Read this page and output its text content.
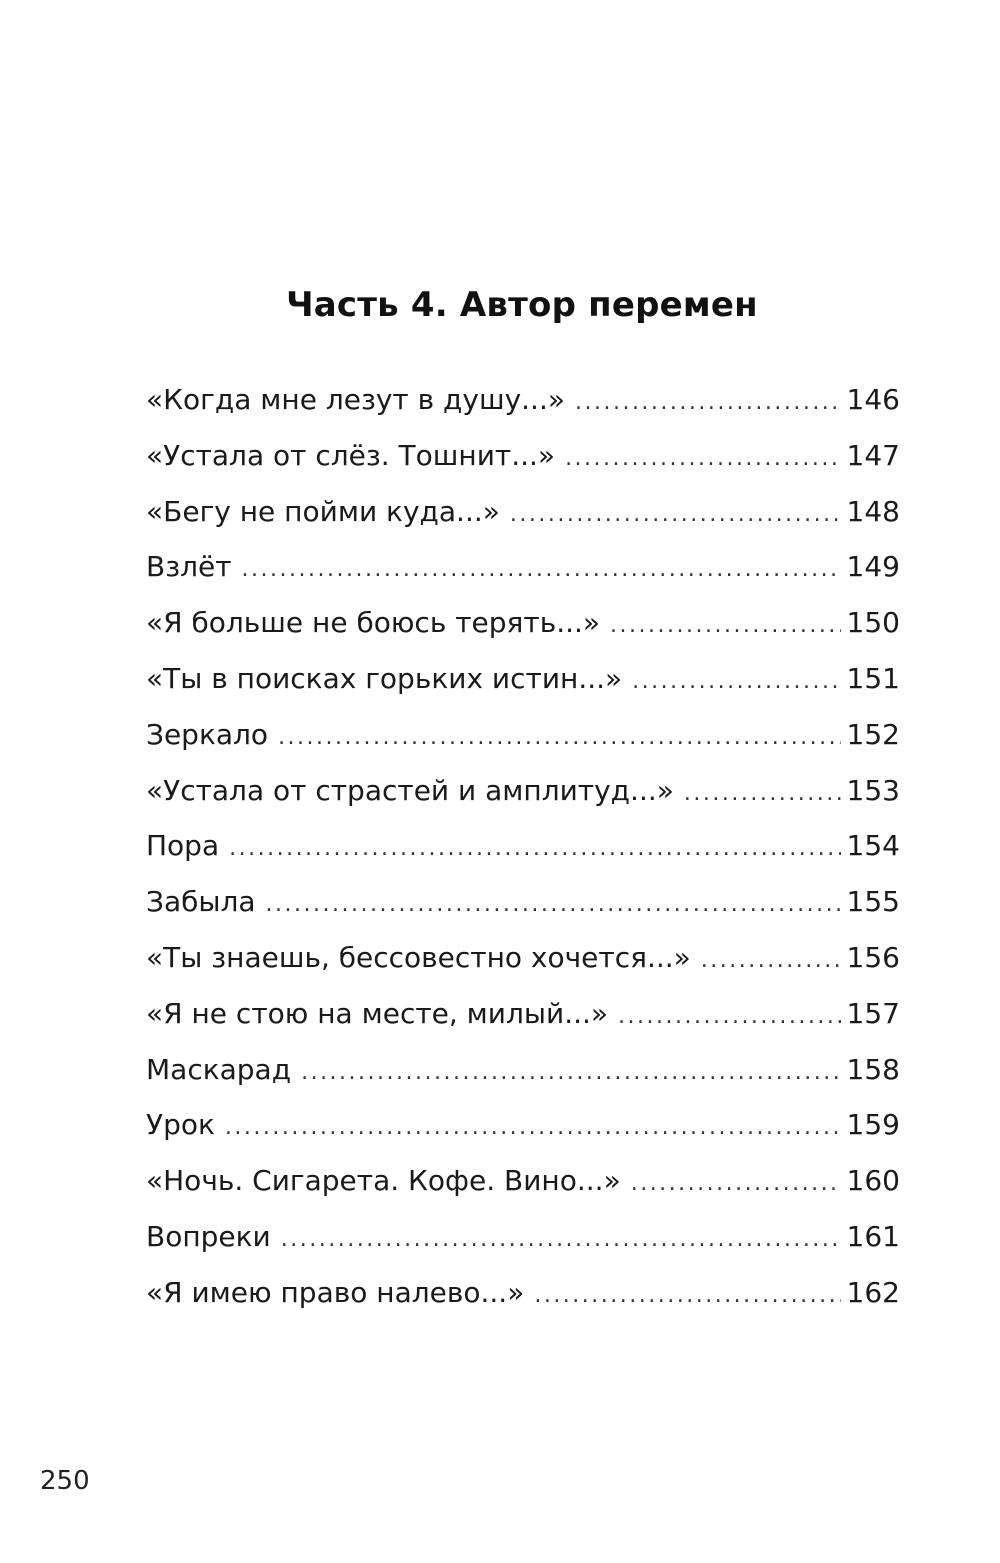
Часть 4. Автор перемен
«Когда мне лезут в душу...» .....	146
«Устала от слёз. Тошнит...» .....	147
«Бегу не пойми куда...» .....	148
Взлёт .....	149
«Я больше не боюсь терять...» .....	150
«Ты в поисках горьких истин...» .....	151
Зеркало .....	152
«Устала от страстей и амплитуд...» .....	153
Пора .....	154
Забыла .....	155
«Ты знаешь, бессовестно хочется...» .....	156
«Я не стою на месте, милый...» .....	157
Маскарад .....	158
Урок .....	159
«Ночь. Сигарета. Кофе. Вино...» .....	160
Вопреки .....	161
«Я имею право налево...» .....	162
250
